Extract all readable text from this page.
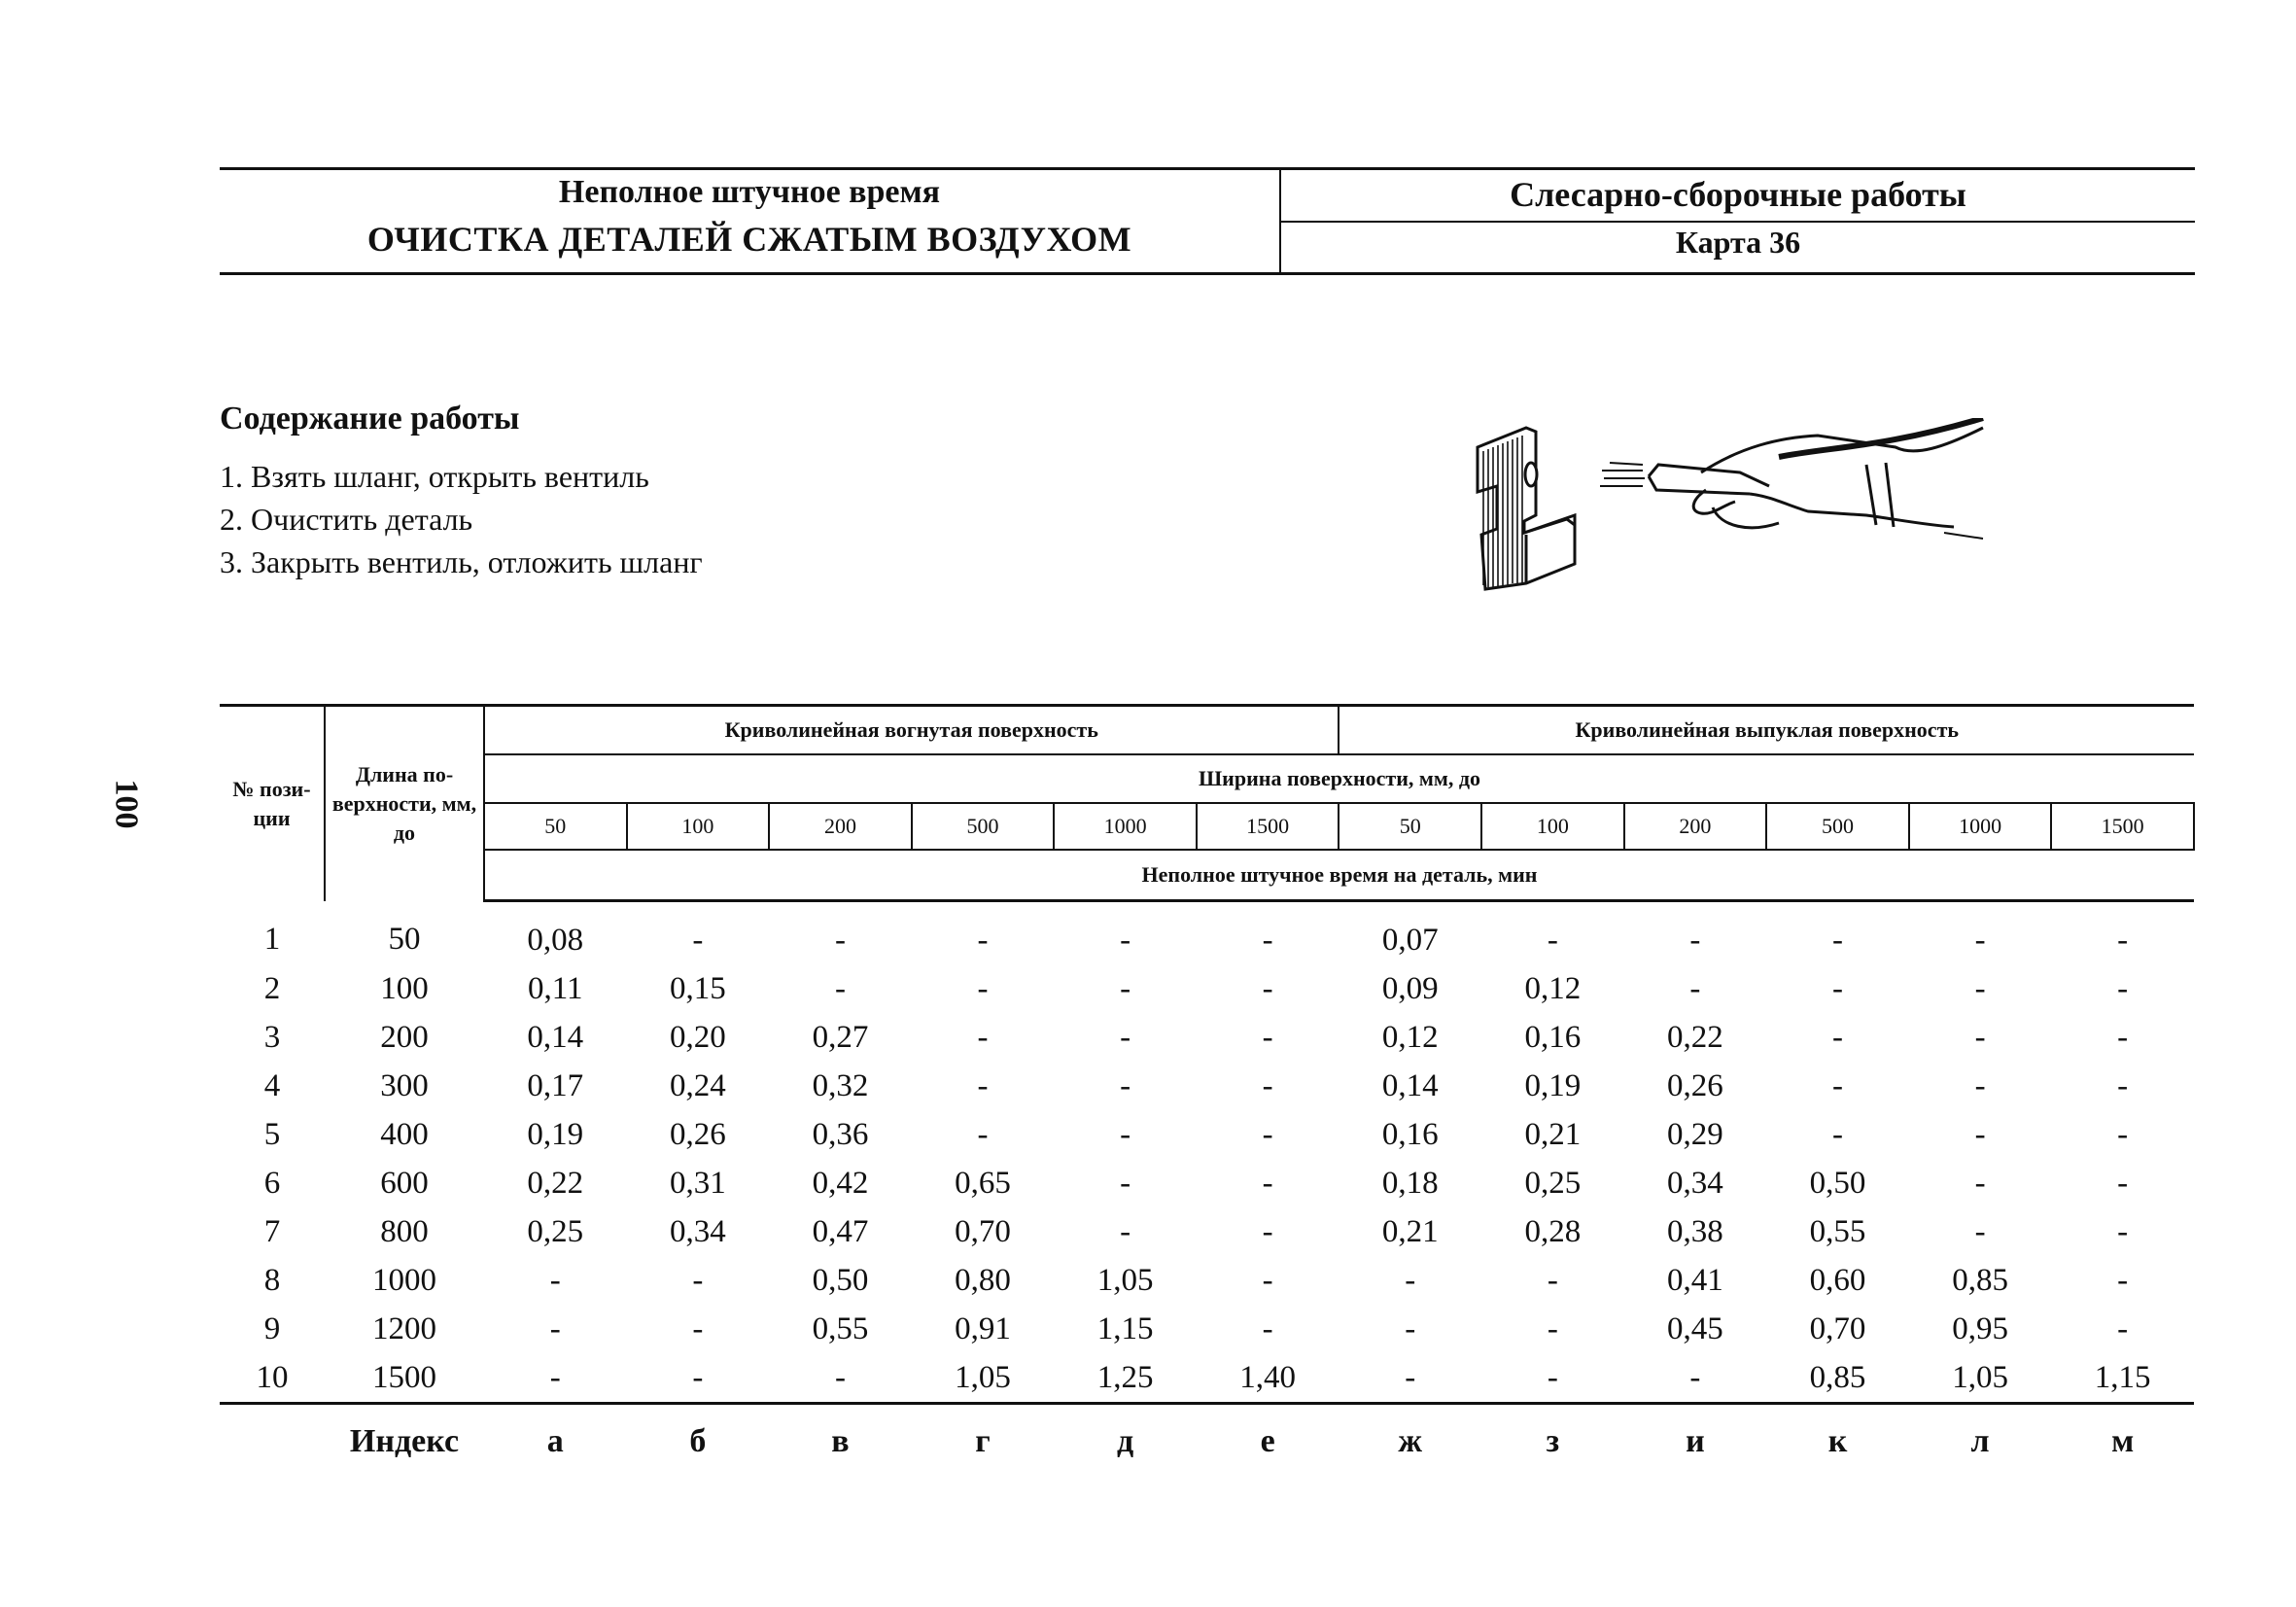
Неполное штучное время
ОЧИСТКА ДЕТАЛЕЙ СЖАТЫМ ВОЗДУХОМ
Слесарно-сборочные работы
Карта 36
Содержание работы
1. Взять шланг, открыть вентиль
2. Очистить деталь
3. Закрыть вентиль, отложить шланг
100	№ пози-ции	Длина по-верхности, мм, до	Криволинейная вогнутая поверхность						Криволинейная выпуклая поверхность					
		Ширина поверхности, мм, до											
		50	100	200	500	1000	1500	50	100	200	500	1000	1500
		Неполное штучное время на деталь, мин											
1	50	0,08	-	-	-	-	-	0,07	-	-	-	-	-
2	100	0,11	0,15	-	-	-	-	0,09	0,12	-	-	-	-
3	200	0,14	0,20	0,27	-	-	-	0,12	0,16	0,22	-	-	-
4	300	0,17	0,24	0,32	-	-	-	0,14	0,19	0,26	-	-	-
5	400	0,19	0,26	0,36	-	-	-	0,16	0,21	0,29	-	-	-
6	600	0,22	0,31	0,42	0,65	-	-	0,18	0,25	0,34	0,50	-	-
7	800	0,25	0,34	0,47	0,70	-	-	0,21	0,28	0,38	0,55	-	-
8	1000	-	-	0,50	0,80	1,05	-	-	-	0,41	0,60	0,85	-
9	1200	-	-	0,55	0,91	1,15	-	-	-	0,45	0,70	0,95	-
10	1500	-	-	-	1,05	1,25	1,40	-	-	-	0,85	1,05	1,15
	Индекс	а	б	в	г	д	е	ж	з	и	к	л	м
